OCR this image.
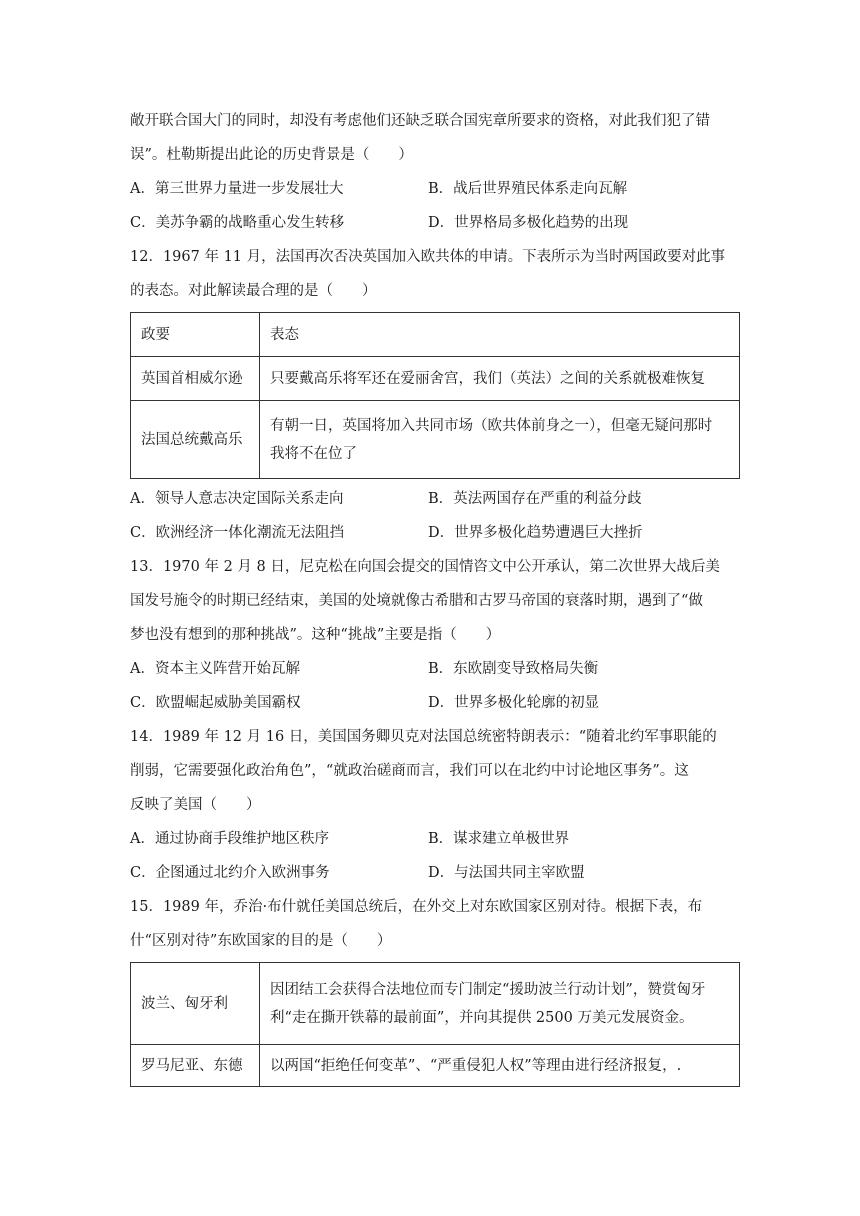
敞开联合国大门的同时，却没有考虑他们还缺乏联合国宪章所要求的资格，对此我们犯了错
误”。杜勒斯提出此论的历史背景是（　　）
A．第三世界力量进一步发展壮大	B．战后世界殖民体系走向瓦解
C．美苏争霸的战略重心发生转移	D．世界格局多极化趋势的出现
12．1967 年 11 月，法国再次否决英国加入欧共体的申请。下表所示为当时两国政要对此事
的表态。对此解读最合理的是（　　）
政要	表态
英国首相威尔逊	只要戴高乐将军还在爱丽舍宫，我们（英法）之间的关系就极难恢复
法国总统戴高乐	有朝一日，英国将加入共同市场（欧共体前身之一），但毫无疑问那时
我将不在位了
A．领导人意志决定国际关系走向	B．英法两国存在严重的利益分歧
C．欧洲经济一体化潮流无法阻挡	D．世界多极化趋势遭遇巨大挫折
13．1970 年 2 月 8 日，尼克松在向国会提交的国情咨文中公开承认，第二次世界大战后美
国发号施令的时期已经结束，美国的处境就像古希腊和古罗马帝国的衰落时期，遇到了“做
梦也没有想到的那种挑战”。这种“挑战”主要是指（　　）
A．资本主义阵营开始瓦解	B．东欧剧变导致格局失衡
C．欧盟崛起威胁美国霸权	D．世界多极化轮廓的初显
14．1989 年 12 月 16 日，美国国务卿贝克对法国总统密特朗表示：“随着北约军事职能的
削弱，它需要强化政治角色”，“就政治磋商而言，我们可以在北约中讨论地区事务”。这
反映了美国（　　）
A．通过协商手段维护地区秩序	B．谋求建立单极世界
C．企图通过北约介入欧洲事务	D．与法国共同主宰欧盟
15．1989 年，乔治·布什就任美国总统后，在外交上对东欧国家区别对待。根据下表，布
什“区别对待”东欧国家的目的是（　　）
波兰、匈牙利	因团结工会获得合法地位而专门制定“援助波兰行动计划”，赞赏匈牙
利“走在撕开铁幕的最前面”，并向其提供 2500 万美元发展资金。

罗马尼亚、东德	以两国“拒绝任何变革”、“严重侵犯人权”等理由进行经济报复，.
